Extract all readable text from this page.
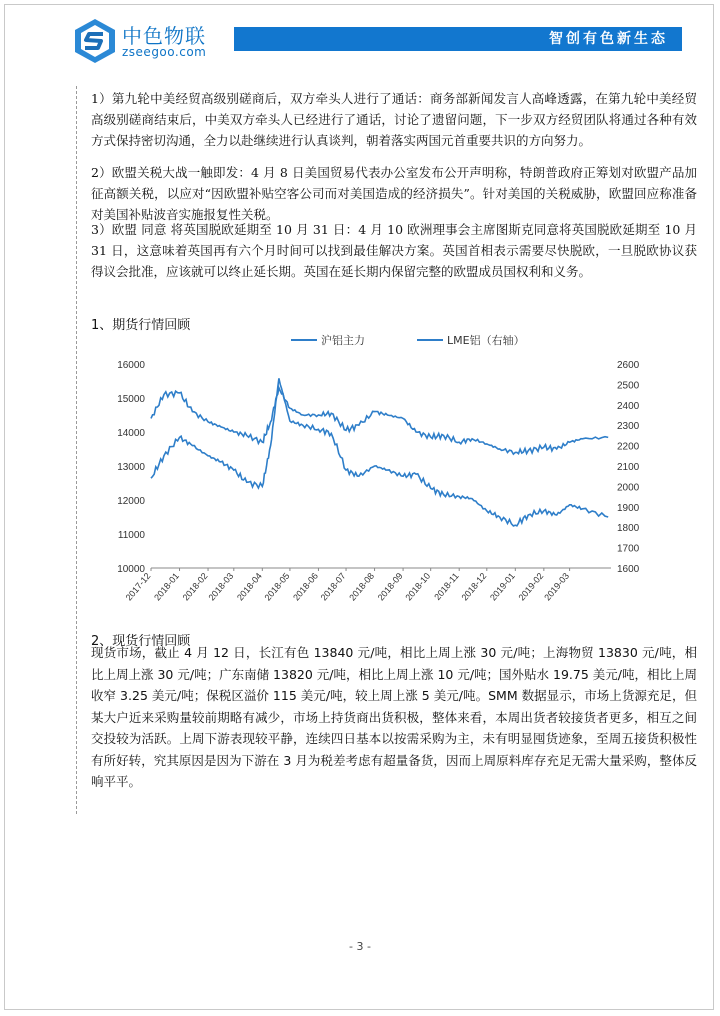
中色物联
zseegoo.com
智创有色新生态
1）第九轮中美经贸高级别磋商后，双方牵头人进行了通话：商务部新闻发言人高峰透露，在第九轮中美经贸高级别磋商结束后，中美双方牵头人已经进行了通话，讨论了遗留问题，下一步双方经贸团队将通过各种有效方式保持密切沟通，全力以赴继续进行认真谈判，朝着落实两国元首重要共识的方向努力。
2）欧盟关税大战一触即发：4 月 8 日美国贸易代表办公室发布公开声明称，特朗普政府正筹划对欧盟产品加征高额关税，以应对“因欧盟补贴空客公司而对美国造成的经济损失”。针对美国的关税威胁，欧盟回应称准备对美国补贴波音实施报复性关税。
3）欧盟 同意 将英国脱欧延期至 10 月 31 日：4 月 10 欧洲理事会主席图斯克同意将英国脱欧延期至 10 月 31 日，这意味着英国再有六个月时间可以找到最佳解决方案。英国首相表示需要尽快脱欧，一旦脱欧协议获得议会批准，应该就可以终止延长期。英国在延长期内保留完整的欧盟成员国权利和义务。
1、期货行情回顾
16000
15000
14000
13000
12000
11000
10000
2600
2500
2400
2300
2200
2100
2000
1900
1800
1700
1600
2017-12 2018-01 2018-02
2018-03 2018-04
2018-05 2018-06
2018-07 2018-08 2018-09
2018-10 2018-11
2018-12 2019-01 2019-02
2019-03
沪铝主力	LME铝（右轴）
2、现货行情回顾
现货市场，截止 4 月 12 日，长江有色 13840 元/吨，相比上周上涨 30 元/吨；上海物贸 13830 元/吨，相比上周上涨 30 元/吨；广东南储 13820 元/吨，相比上周上涨 10 元/吨；国外贴水 19.75 美元/吨，相比上周收窄 3.25 美元/吨；保税区溢价 115 美元/吨，较上周上涨 5 美元/吨。SMM 数据显示，市场上货源充足，但某大户近来采购量较前期略有减少，市场上持货商出货积极，整体来看，本周出货者较接货者更多，相互之间交投较为活跃。上周下游表现较平静，连续四日基本以按需采购为主，未有明显囤货迹象，至周五接货积极性有所好转，究其原因是因为下游在 3 月为税差考虑有超量备货，因而上周原料库存充足无需大量采购，整体反响平平。
- 3 -
